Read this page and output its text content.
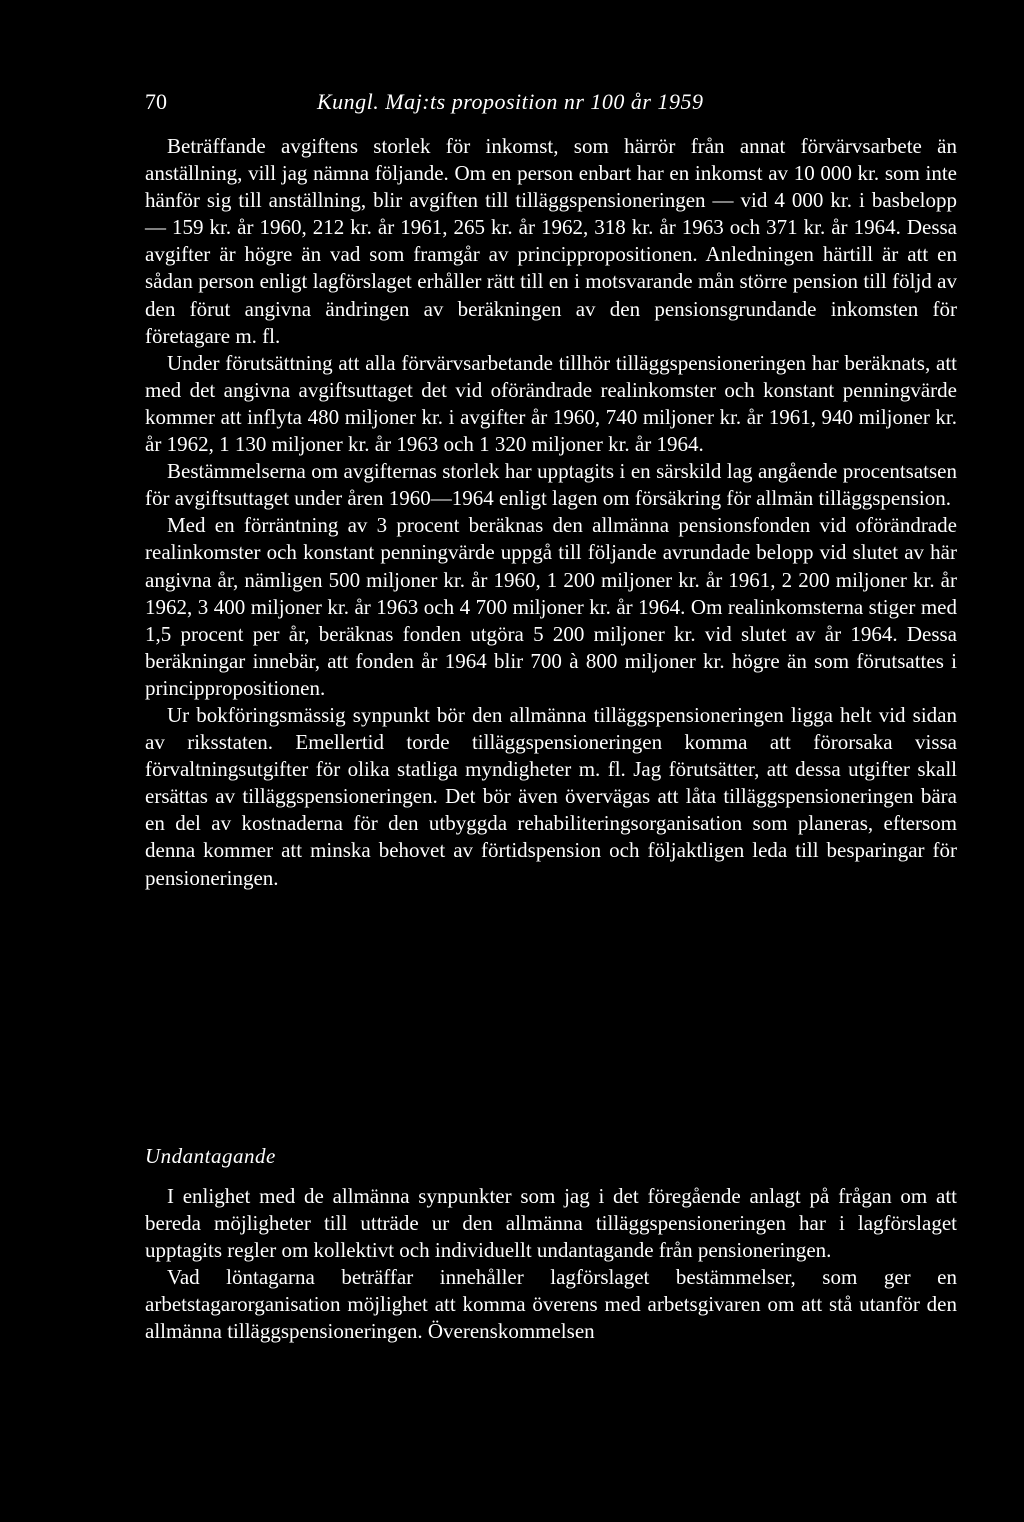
70	Kungl. Maj:ts proposition nr 100 år 1959

Beträffande avgiftens storlek för inkomst, som härrör från annat förvärvsarbete än anställning, vill jag nämna följande. Om en person enbart har en inkomst av 10 000 kr. som inte hänför sig till anställning, blir avgiften till tilläggspensioneringen — vid 4 000 kr. i basbelopp — 159 kr. år 1960, 212 kr. år 1961, 265 kr. år 1962, 318 kr. år 1963 och 371 kr. år 1964. Dessa avgifter är högre än vad som framgår av princippropositionen. Anledningen härtill är att en sådan person enligt lagförslaget erhåller rätt till en i motsvarande mån större pension till följd av den förut angivna ändringen av beräkningen av den pensionsgrundande inkomsten för företagare m. fl.

Under förutsättning att alla förvärvsarbetande tillhör tilläggspensioneringen har beräknats, att med det angivna avgiftsuttaget det vid oförändrade realinkomster och konstant penningvärde kommer att inflyta 480 miljoner kr. i avgifter år 1960, 740 miljoner kr. år 1961, 940 miljoner kr. år 1962, 1 130 miljoner kr. år 1963 och 1 320 miljoner kr. år 1964.

Bestämmelserna om avgifternas storlek har upptagits i en särskild lag angående procentsatsen för avgiftsuttaget under åren 1960—1964 enligt lagen om försäkring för allmän tilläggspension.

Med en förräntning av 3 procent beräknas den allmänna pensionsfonden vid oförändrade realinkomster och konstant penningvärde uppgå till följande avrundade belopp vid slutet av här angivna år, nämligen 500 miljoner kr. år 1960, 1 200 miljoner kr. år 1961, 2 200 miljoner kr. år 1962, 3 400 miljoner kr. år 1963 och 4 700 miljoner kr. år 1964. Om realinkomsterna stiger med 1,5 procent per år, beräknas fonden utgöra 5 200 miljoner kr. vid slutet av år 1964. Dessa beräkningar innebär, att fonden år 1964 blir 700 à 800 miljoner kr. högre än som förutsattes i princippropositionen.

Ur bokföringsmässig synpunkt bör den allmänna tilläggspensioneringen ligga helt vid sidan av riksstaten. Emellertid torde tilläggspensioneringen komma att förorsaka vissa förvaltningsutgifter för olika statliga myndigheter m. fl. Jag förutsätter, att dessa utgifter skall ersättas av tilläggspensioneringen. Det bör även övervägas att låta tilläggspensioneringen bära en del av kostnaderna för den utbyggda rehabiliteringsorganisation som planeras, eftersom denna kommer att minska behovet av förtidspension och följaktligen leda till besparingar för pensioneringen.

Undantagande

I enlighet med de allmänna synpunkter som jag i det föregående anlagt på frågan om att bereda möjligheter till utträde ur den allmänna tilläggspensioneringen har i lagförslaget upptagits regler om kollektivt och individuellt undantagande från pensioneringen.

Vad löntagarna beträffar innehåller lagförslaget bestämmelser, som ger en arbetstagarorganisation möjlighet att komma överens med arbetsgivaren om att stå utanför den allmänna tilläggspensioneringen. Överenskommelsen
